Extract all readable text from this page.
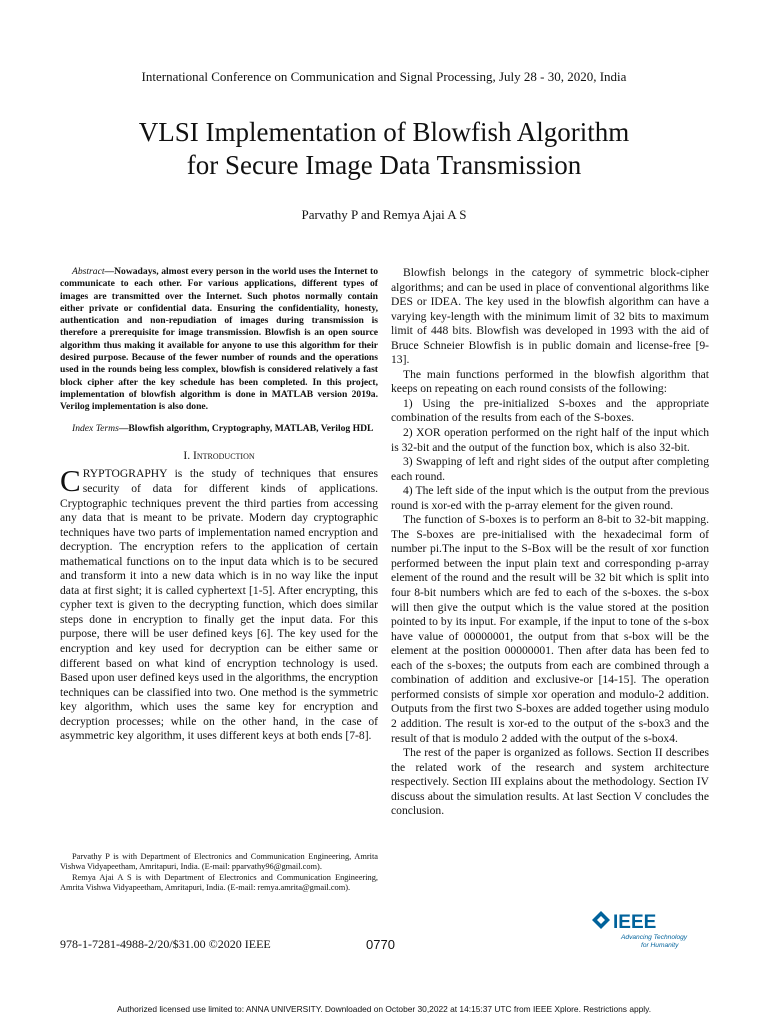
International Conference on Communication and Signal Processing, July 28 - 30, 2020, India
VLSI Implementation of Blowfish Algorithm
for Secure Image Data Transmission
Parvathy P and Remya Ajai A S

Abstract—Nowadays, almost every person in the world uses the Internet to communicate to each other. For various applications, different types of images are transmitted over the Internet. Such photos normally contain either private or confidential data. Ensuring the confidentiality, honesty, authentication and non-repudiation of images during transmission is therefore a prerequisite for image transmission. Blowfish is an open source algorithm thus making it available for anyone to use this algorithm for their desired purpose. Because of the fewer number of rounds and the operations used in the rounds being less complex, blowfish is considered relatively a fast block cipher after the key schedule has been completed. In this project, implementation of blowfish algorithm is done in MATLAB version 2019a. Verilog implementation is also done.

Index Terms—Blowfish algorithm, Cryptography, MATLAB, Verilog HDL

I. Introduction

CRYPTOGRAPHY is the study of techniques that ensures security of data for different kinds of applications. Cryptographic techniques prevent the third parties from accessing any data that is meant to be private. Modern day cryptographic techniques have two parts of implementation named encryption and decryption. The encryption refers to the application of certain mathematical functions on to the input data which is to be secured and transform it into a new data which is in no way like the input data at first sight; it is called cyphertext [1-5]. After encrypting, this cypher text is given to the decrypting function, which does similar steps done in encryption to finally get the input data. For this purpose, there will be user defined keys [6]. The key used for the encryption and key used for decryption can be either same or different based on what kind of encryption technology is used. Based upon user defined keys used in the algorithms, the encryption techniques can be classified into two. One method is the symmetric key algorithm, which uses the same key for encryption and decryption processes; while on the other hand, in the case of asymmetric key algorithm, it uses different keys at both ends [7-8].

Parvathy P is with Department of Electronics and Communication Engineering, Amrita Vishwa Vidyapeetham, Amritapuri, India. (E-mail: pparvathy96@gmail.com).

Remya Ajai A S is with Department of Electronics and Communication Engineering, Amrita Vishwa Vidyapeetham, Amritapuri, India. (E-mail: remya.amrita@gmail.com).

Blowfish belongs in the category of symmetric block-cipher algorithms; and can be used in place of conventional algorithms like DES or IDEA. The key used in the blowfish algorithm can have a varying key-length with the minimum limit of 32 bits to maximum limit of 448 bits. Blowfish was developed in 1993 with the aid of Bruce Schneier Blowfish is in public domain and license-free [9-13].

The main functions performed in the blowfish algorithm that keeps on repeating on each round consists of the following:

1) Using the pre-initialized S-boxes and the appropriate combination of the results from each of the S-boxes.

2) XOR operation performed on the right half of the input which is 32-bit and the output of the function box, which is also 32-bit.

3) Swapping of left and right sides of the output after completing each round.

4) The left side of the input which is the output from the previous round is xor-ed with the p-array element for the given round.

The function of S-boxes is to perform an 8-bit to 32-bit mapping. The S-boxes are pre-initialised with the hexadecimal form of number pi.The input to the S-Box will be the result of xor function performed between the input plain text and corresponding p-array element of the round and the result will be 32 bit which is split into four 8-bit numbers which are fed to each of the s-boxes. the s-box will then give the output which is the value stored at the position pointed to by its input. For example, if the input to tone of the s-box have value of 00000001, the output from that s-box will be the element at the position 00000001. Then after data has been fed to each of the s-boxes; the outputs from each are combined through a combination of addition and exclusive-or [14-15]. The operation performed consists of simple xor operation and modulo-2 addition. Outputs from the first two S-boxes are added together using modulo 2 addition. The result is xor-ed to the output of the s-box3 and the result of that is modulo 2 added with the output of the s-box4.

The rest of the paper is organized as follows. Section II describes the related work of the research and system architecture respectively. Section III explains about the methodology. Section IV discuss about the simulation results. At last Section V concludes the conclusion.

978-1-7281-4988-2/20/$31.00 ©2020 IEEE	0770
IEEE
Advancing Technology
for Humanity
Authorized licensed use limited to: ANNA UNIVERSITY. Downloaded on October 30,2022 at 14:15:37 UTC from IEEE Xplore. Restrictions apply.
